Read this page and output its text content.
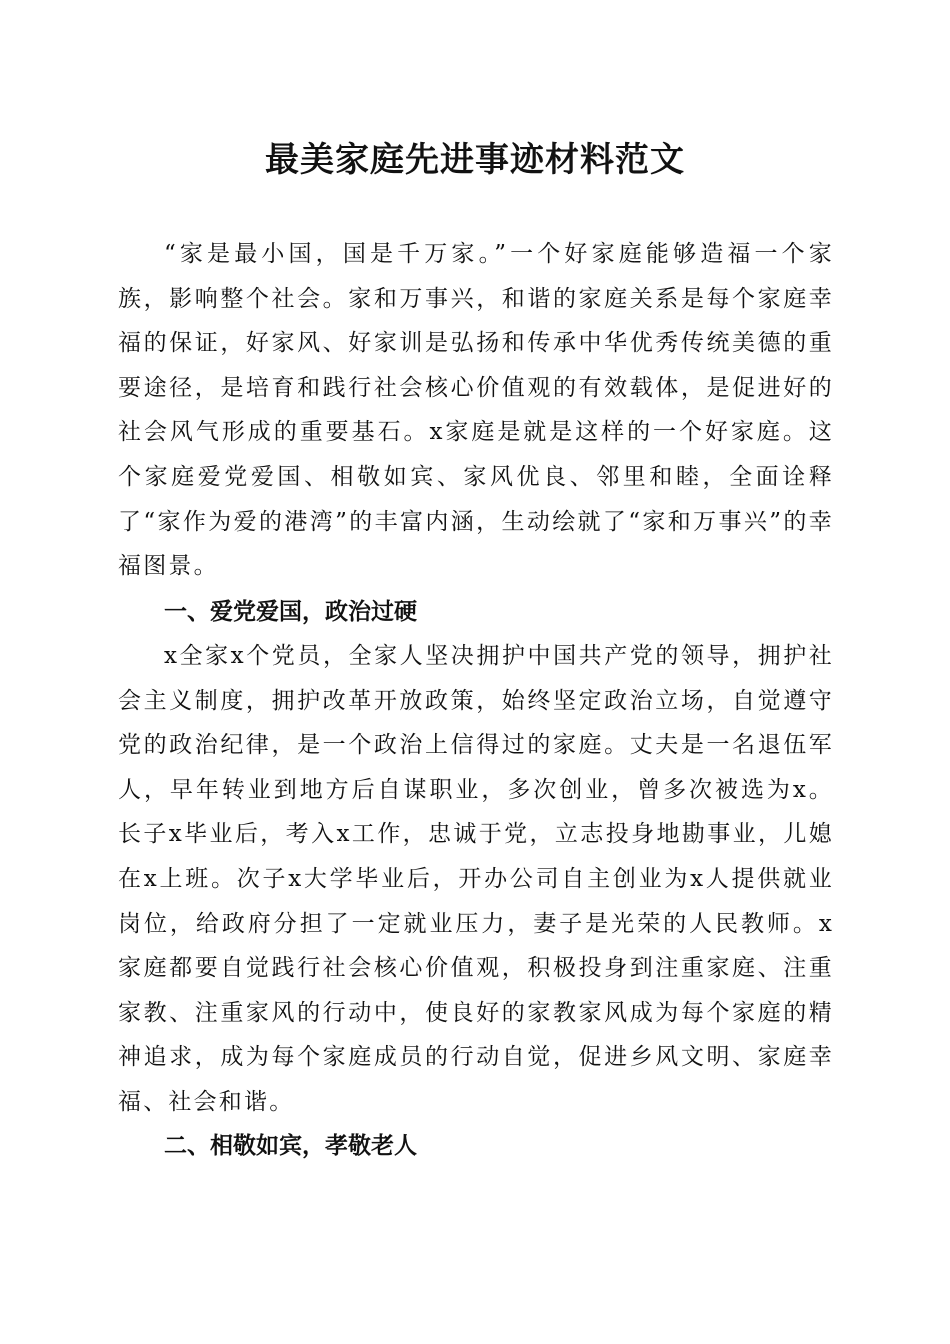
最美家庭先进事迹材料范文

“家是最小国，国是千万家。”一个好家庭能够造福一个家族，影响整个社会。家和万事兴，和谐的家庭关系是每个家庭幸福的保证，好家风、好家训是弘扬和传承中华优秀传统美德的重要途径，是培育和践行社会核心价值观的有效载体，是促进好的社会风气形成的重要基石。x家庭是就是这样的一个好家庭。这个家庭爱党爱国、相敬如宾、家风优良、邻里和睦，全面诠释了“家作为爱的港湾”的丰富内涵，生动绘就了“家和万事兴”的幸福图景。

一、爱党爱国，政治过硬

x全家x个党员，全家人坚决拥护中国共产党的领导，拥护社会主义制度，拥护改革开放政策，始终坚定政治立场，自觉遵守党的政治纪律，是一个政治上信得过的家庭。丈夫是一名退伍军人，早年转业到地方后自谋职业，多次创业，曾多次被选为x。长子x毕业后，考入x工作，忠诚于党，立志投身地勘事业，儿媳在x上班。次子x大学毕业后，开办公司自主创业为x人提供就业岗位，给政府分担了一定就业压力，妻子是光荣的人民教师。x家庭都要自觉践行社会核心价值观，积极投身到注重家庭、注重家教、注重家风的行动中，使良好的家教家风成为每个家庭的精神追求，成为每个家庭成员的行动自觉，促进乡风文明、家庭幸福、社会和谐。

二、相敬如宾，孝敬老人
